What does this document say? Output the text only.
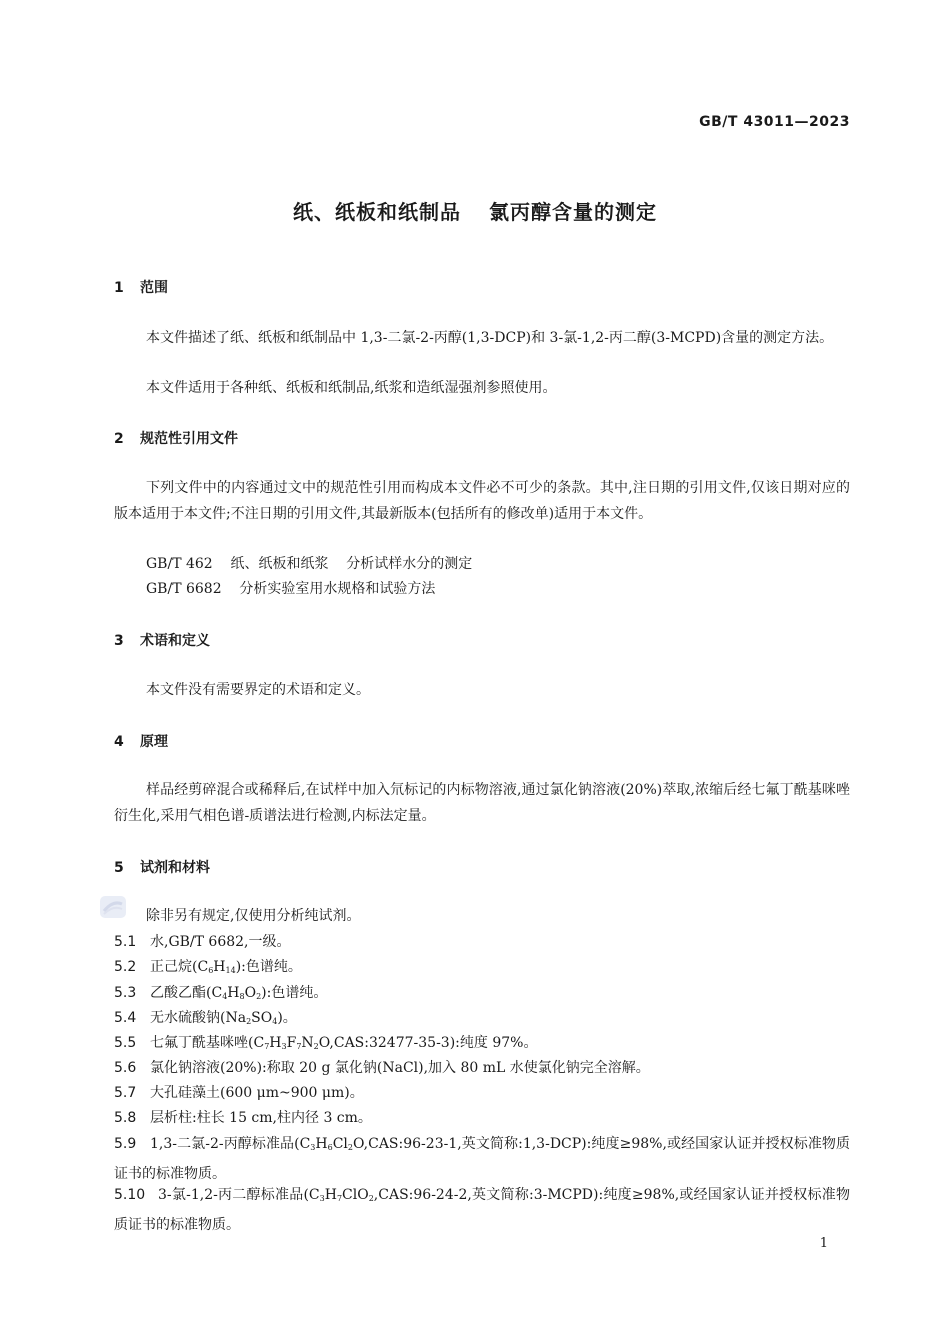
GB/T 43011—2023
纸、纸板和纸制品 氯丙醇含量的测定
1 范围
本文件描述了纸、纸板和纸制品中 1,3-二氯-2-丙醇(1,3-DCP)和 3-氯-1,2-丙二醇(3-MCPD)含量的测定方法。
本文件适用于各种纸、纸板和纸制品,纸浆和造纸湿强剂参照使用。
2 规范性引用文件
下列文件中的内容通过文中的规范性引用而构成本文件必不可少的条款。其中,注日期的引用文件,仅该日期对应的版本适用于本文件;不注日期的引用文件,其最新版本(包括所有的修改单)适用于本文件。
GB/T 462    纸、纸板和纸浆    分析试样水分的测定
GB/T 6682    分析实验室用水规格和试验方法
3 术语和定义
本文件没有需要界定的术语和定义。
4 原理
样品经剪碎混合或稀释后,在试样中加入氘标记的内标物溶液,通过氯化钠溶液(20%)萃取,浓缩后经七氟丁酰基咪唑衍生化,采用气相色谱-质谱法进行检测,内标法定量。
5 试剂和材料
除非另有规定,仅使用分析纯试剂。
5.1 水,GB/T 6682,一级。
5.2 正己烷$(C_6H_{14})$:色谱纯。
5.3 乙酸乙酯$(C_4H_8O_2)$:色谱纯。
5.4 无水硫酸钠$(Na_2SO_4)$。
5.5 七氟丁酰基咪唑$(C_7H_3F_7N_2O,CAS:32477-35-3)$:纯度 97%。
5.6 氯化钠溶液(20%):称取 20 g 氯化钠(NaCl),加入 80 mL 水使氯化钠完全溶解。
5.7 大孔硅藻土(600 μm~900 μm)。
5.8 层析柱:柱长 15 cm,柱内径 3 cm。
5.9 1,3-二氯-2-丙醇标准品($C_3H_6Cl_2O,CAS:96-23-1$,英文简称:1,3-DCP):纯度≥98%,或经国家认证并授权标准物质证书的标准物质。
5.10 3-氯-1,2-丙二醇标准品($C_3H_7ClO_2,CAS:96-24-2$,英文简称:3-MCPD):纯度≥98%,或经国家认证并授权标准物质证书的标准物质。
1
